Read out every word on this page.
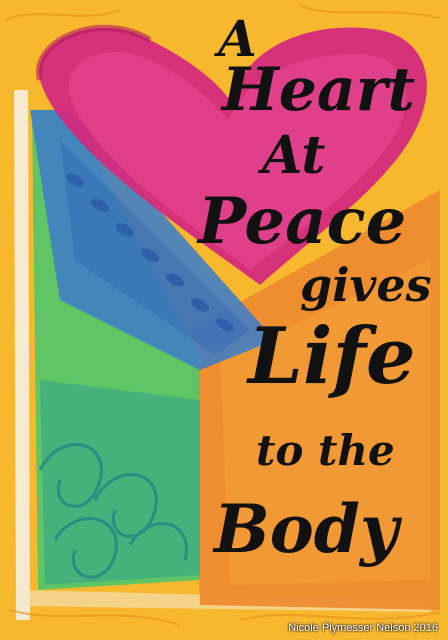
A
Heart
At
Peace
gives
Life
to the
Body
Nicole Plymesser Nelson 2016
